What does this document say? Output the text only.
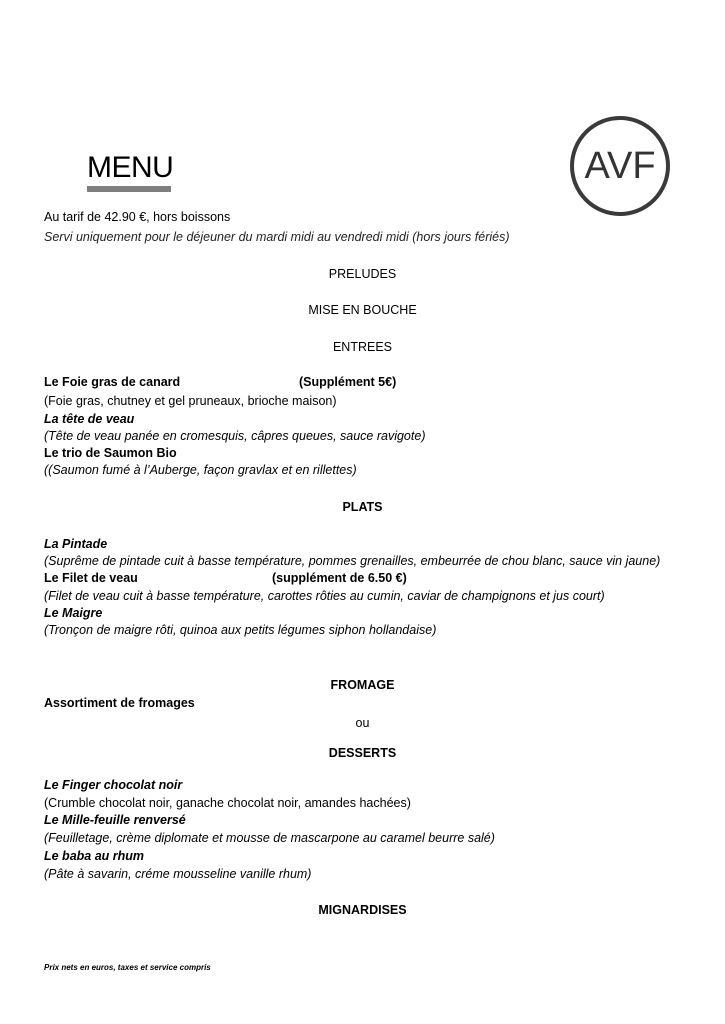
MENU	AVF
Au tarif de 42.90 €, hors boissons
Servi uniquement pour le déjeuner du mardi midi au vendredi midi (hors jours fériés)
PRELUDES
MISE EN BOUCHE
ENTREES
Le Foie gras de canard	(Supplément 5€)
(Foie gras, chutney et gel pruneaux, brioche maison)
La tête de veau
(Tête de veau panée en cromesquis, câpres queues, sauce ravigote)
Le trio de Saumon Bio
((Saumon fumé à l’Auberge, façon gravlax et en rillettes)
PLATS
La Pintade
(Suprême de pintade cuit à basse température, pommes grenailles, embeurrée de chou blanc, sauce vin jaune)
Le Filet de veau	(supplément de 6.50 €)
(Filet de veau cuit à basse température, carottes rôties au cumin, caviar de champignons et jus court)
Le Maigre
(Tronçon de maigre rôti, quinoa aux petits légumes siphon hollandaise)
FROMAGE
Assortiment de fromages
ou
DESSERTS
Le Finger chocolat noir
(Crumble chocolat noir, ganache chocolat noir, amandes hachées)
Le Mille-feuille renversé
(Feuilletage, crème diplomate et mousse de mascarpone au caramel beurre salé)
Le baba au rhum
(Pâte à savarin, créme mousseline vanille rhum)
MIGNARDISES
Prix nets en euros, taxes et service compris
